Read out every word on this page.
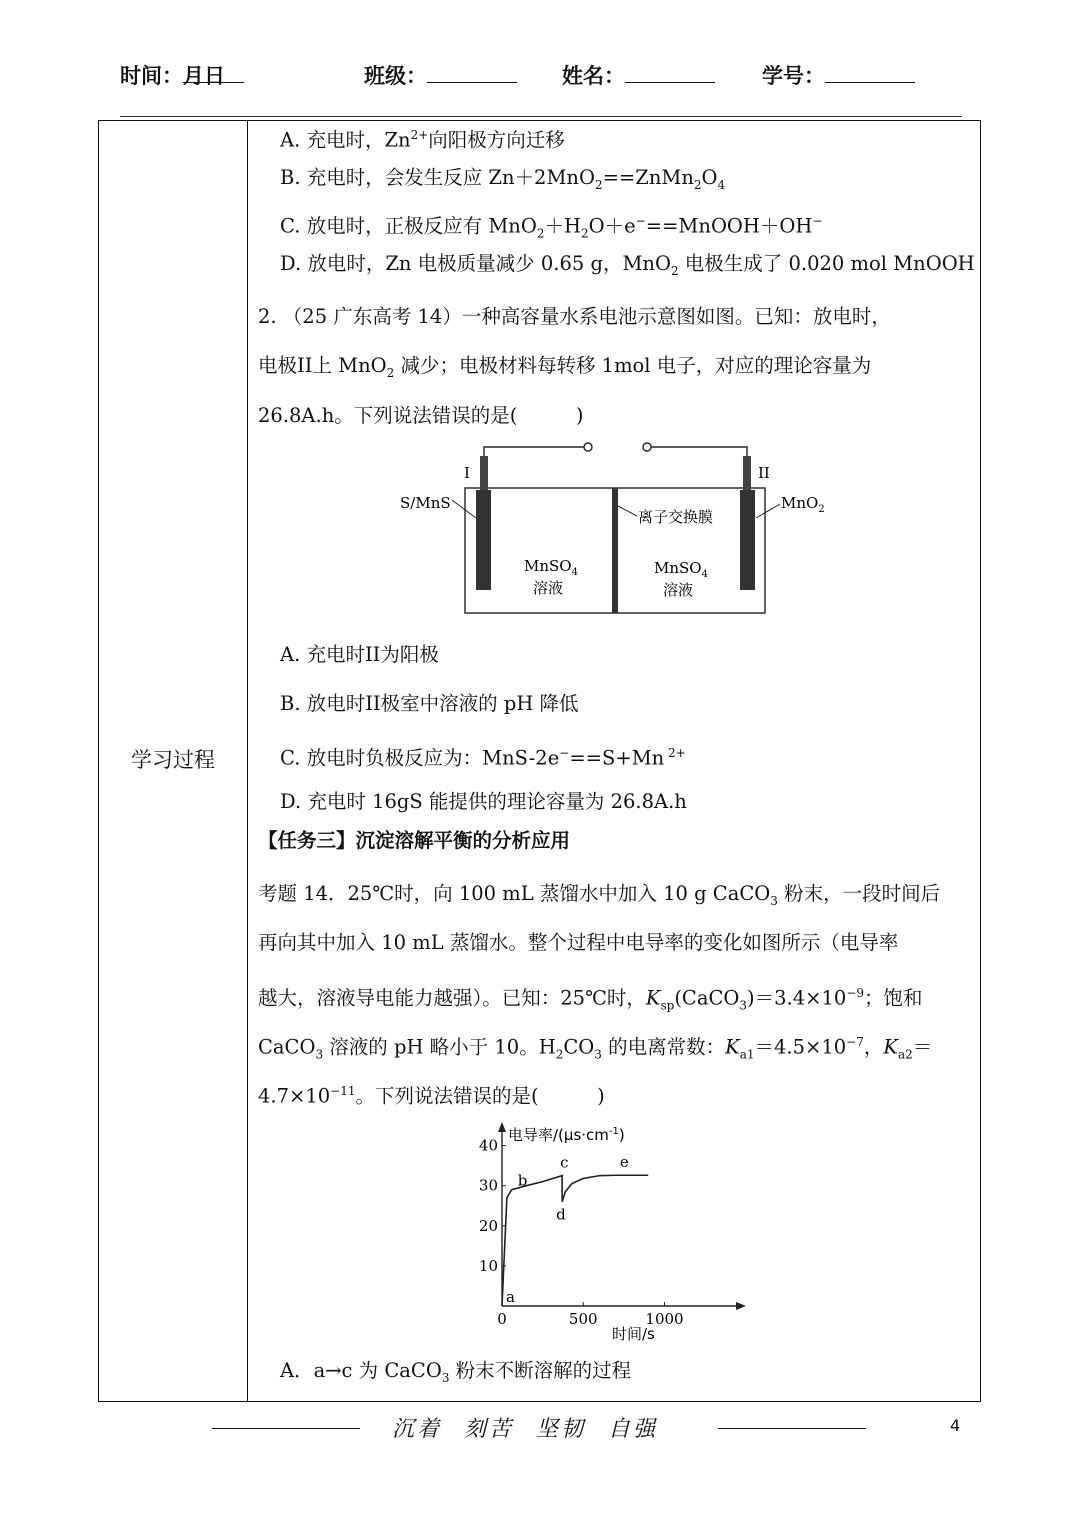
时间：
月
日	班级：	姓名：	学号：
学习过程
A. 充电时，$Zn^{2+}$向阳极方向迁移
B. 充电时，会发生反应 $Zn+2MnO_2==ZnMn_2O_4$
C. 放电时，正极反应有 $MnO_2+H_2O+e^-==MnOOH+OH^-$
D. 放电时，Zn 电极质量减少 0.65 g，MnO$_2$ 电极生成了 0.020 mol MnOOH
2. （25 广东高考 14）一种高容量水系电池示意图如图。已知：放电时，
电极II上 MnO$_2$ 减少；电极材料每转移 1mol 电子，对应的理论容量为
26.8A.h。下列说法错误的是(　　　)
I	II
S/MnS	MnO$_2$
离子交换膜
MnSO$_4$
溶液
MnSO$_4$
溶液
A. 充电时II为阳极
B. 放电时II极室中溶液的 pH 降低
C. 放电时负极反应为：MnS-2e−==S+Mn $^{2+}$
D. 充电时 16gS 能提供的理论容量为 26.8A.h
【任务三】沉淀溶解平衡的分析应用
考题 14．25℃时，向 100 mL 蒸馏水中加入 10 g CaCO$_3$ 粉末，一段时间后
再向其中加入 10 mL 蒸馏水。整个过程中电导率的变化如图所示（电导率
越大，溶液导电能力越强）。已知：25℃时，$K_{sp}(CaCO_3)=3.4\times 10^{-9}$；饱和
CaCO$_3$ 溶液的 pH 略小于 10。$H_2CO_3$ 的电离常数：$K_{a1}=4.5\times 10^{-7}$，$K_{a2}=$
$4.7\times 10^{-11}$。下列说法错误的是(　　　)
10
20
30
40
0	500	1000
a
b
c
d
e
电导率$/(\mu s\cdot cm^{-1})$
时间/s
A．a→c 为 CaCO$_3$ 粉末不断溶解的过程
沉着 刻苦 坚韧 自强	4
